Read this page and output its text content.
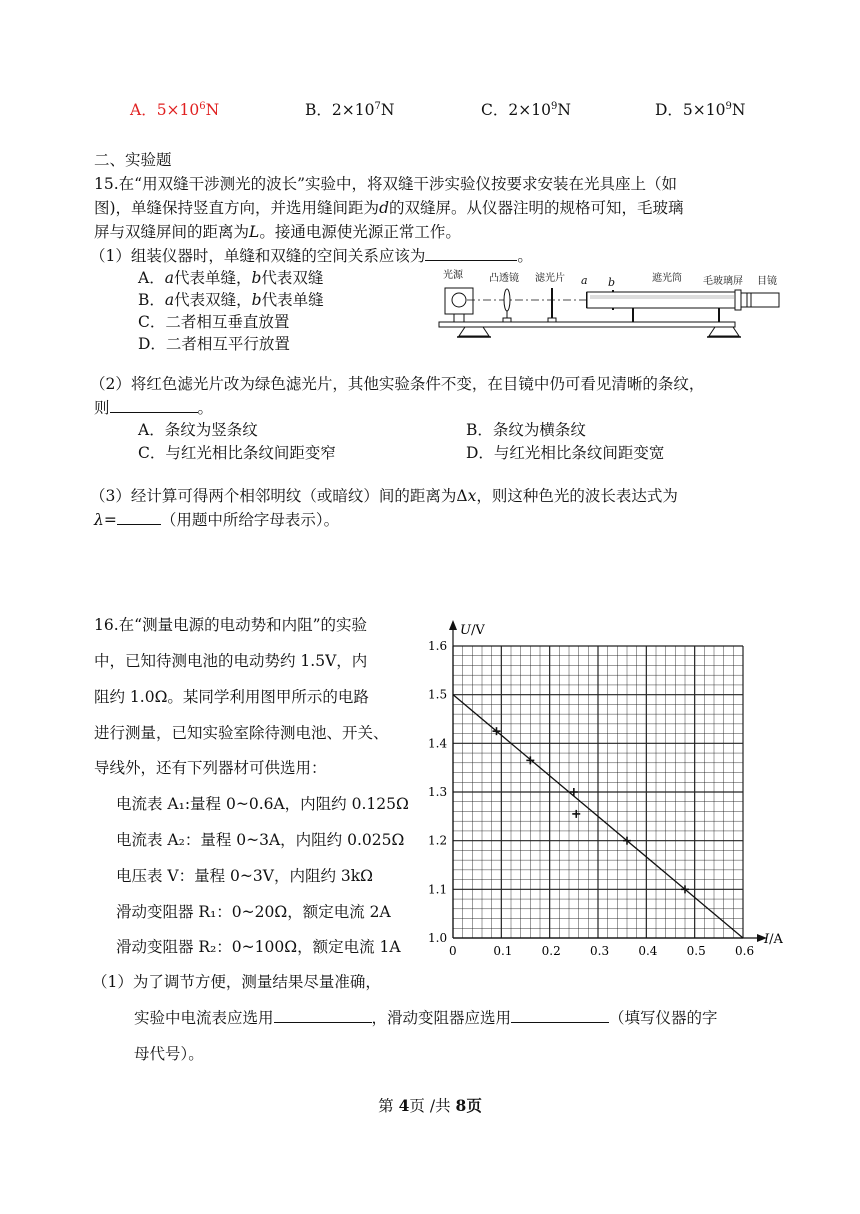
A．$5\times 10^6N$	B．$2\times 10^7N$	C．$2\times 10^9N$	D．$5\times 10^9N$
二、实验题
15.在“用双缝干涉测光的波长”实验中，将双缝干涉实验仪按要求安装在光具座上（如
图)，单缝保持竖直方向，并选用缝间距为d的双缝屏。从仪器注明的规格可知，毛玻璃
屏与双缝屏间的距离为L。接通电源使光源正常工作。
（1）组装仪器时，单缝和双缝的空间关系应该为	。
A．a代表单缝，b代表双缝
B．a代表双缝，b代表单缝
C．二者相互垂直放置
D．二者相互平行放置
光源	凸透镜 滤光片 a b	遮光筒 毛玻璃屏 目镜
（2）将红色滤光片改为绿色滤光片，其他实验条件不变，在目镜中仍可看见清晰的条纹，
则	。
A．条纹为竖条纹	B．条纹为横条纹
C．与红光相比条纹间距变窄	D．与红光相比条纹间距变宽
（3）经计算可得两个相邻明纹（或暗纹）间的距离为Δx，则这种色光的波长表达式为
λ=	（用题中所给字母表示）。
16.在“测量电源的电动势和内阻”的实验
中，已知待测电池的电动势约 1.5V，内
阻约 1.0Ω。某同学利用图甲所示的电路
进行测量，已知实验室除待测电池、开关、
导线外，还有下列器材可供选用：
电流表 A₁:量程 0~0.6A，内阻约 0.125Ω
电流表 A₂：量程 0~3A，内阻约 0.025Ω
电压表 V：量程 0~3V，内阻约 3kΩ
滑动变阻器 R₁：0~20Ω，额定电流 2A
滑动变阻器 R₂：0~100Ω，额定电流 1A
（1）为了调节方便，测量结果尽量准确，
实验中电流表应选用	，滑动变阻器应选用	（填写仪器的字
母代号）。
0	0.1 0.2 0.3 0.4 0.5 0.6
1.0
1.1
1.2
1.3
1.4
1.5
1.6
U/V
I/A
第 4页 /共 8页
